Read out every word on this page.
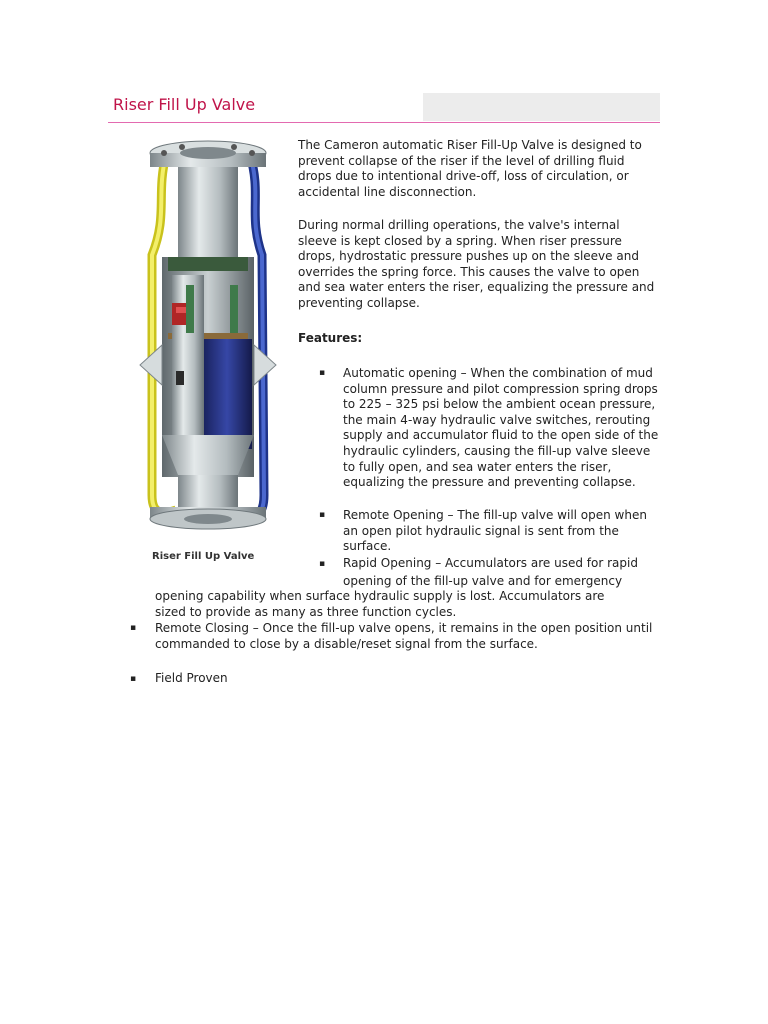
Riser Fill Up Valve
Riser Fill Up Valve
The Cameron automatic Riser Fill-Up Valve is designed to prevent collapse of the riser if the level of drilling fluid drops due to intentional drive-off, loss of circulation, or accidental line disconnection.
During normal drilling operations, the valve's internal sleeve is kept closed by a spring. When riser pressure drops, hydrostatic pressure pushes up on the sleeve and overrides the spring force. This causes the valve to open and sea water enters the riser, equalizing the pressure and preventing collapse.
Features:
▪ Automatic opening – When the combination of mud column pressure and pilot compression spring drops to 225 – 325 psi below the ambient ocean pressure, the main 4-way hydraulic valve switches, rerouting supply and accumulator fluid to the open side of the hydraulic cylinders, causing the fill-up valve sleeve to fully open, and sea water enters the riser, equalizing the pressure and preventing collapse.
▪ Remote Opening – The fill-up valve will open when an open pilot hydraulic signal is sent from the surface.
▪ Rapid Opening – Accumulators are used for rapid
opening of the fill-up valve and for emergency
opening capability when surface hydraulic supply is lost. Accumulators are sized to provide as many as three function cycles.
▪ Remote Closing – Once the fill-up valve opens, it remains in the open position until commanded to close by a disable/reset signal from the surface.
▪ Field Proven
